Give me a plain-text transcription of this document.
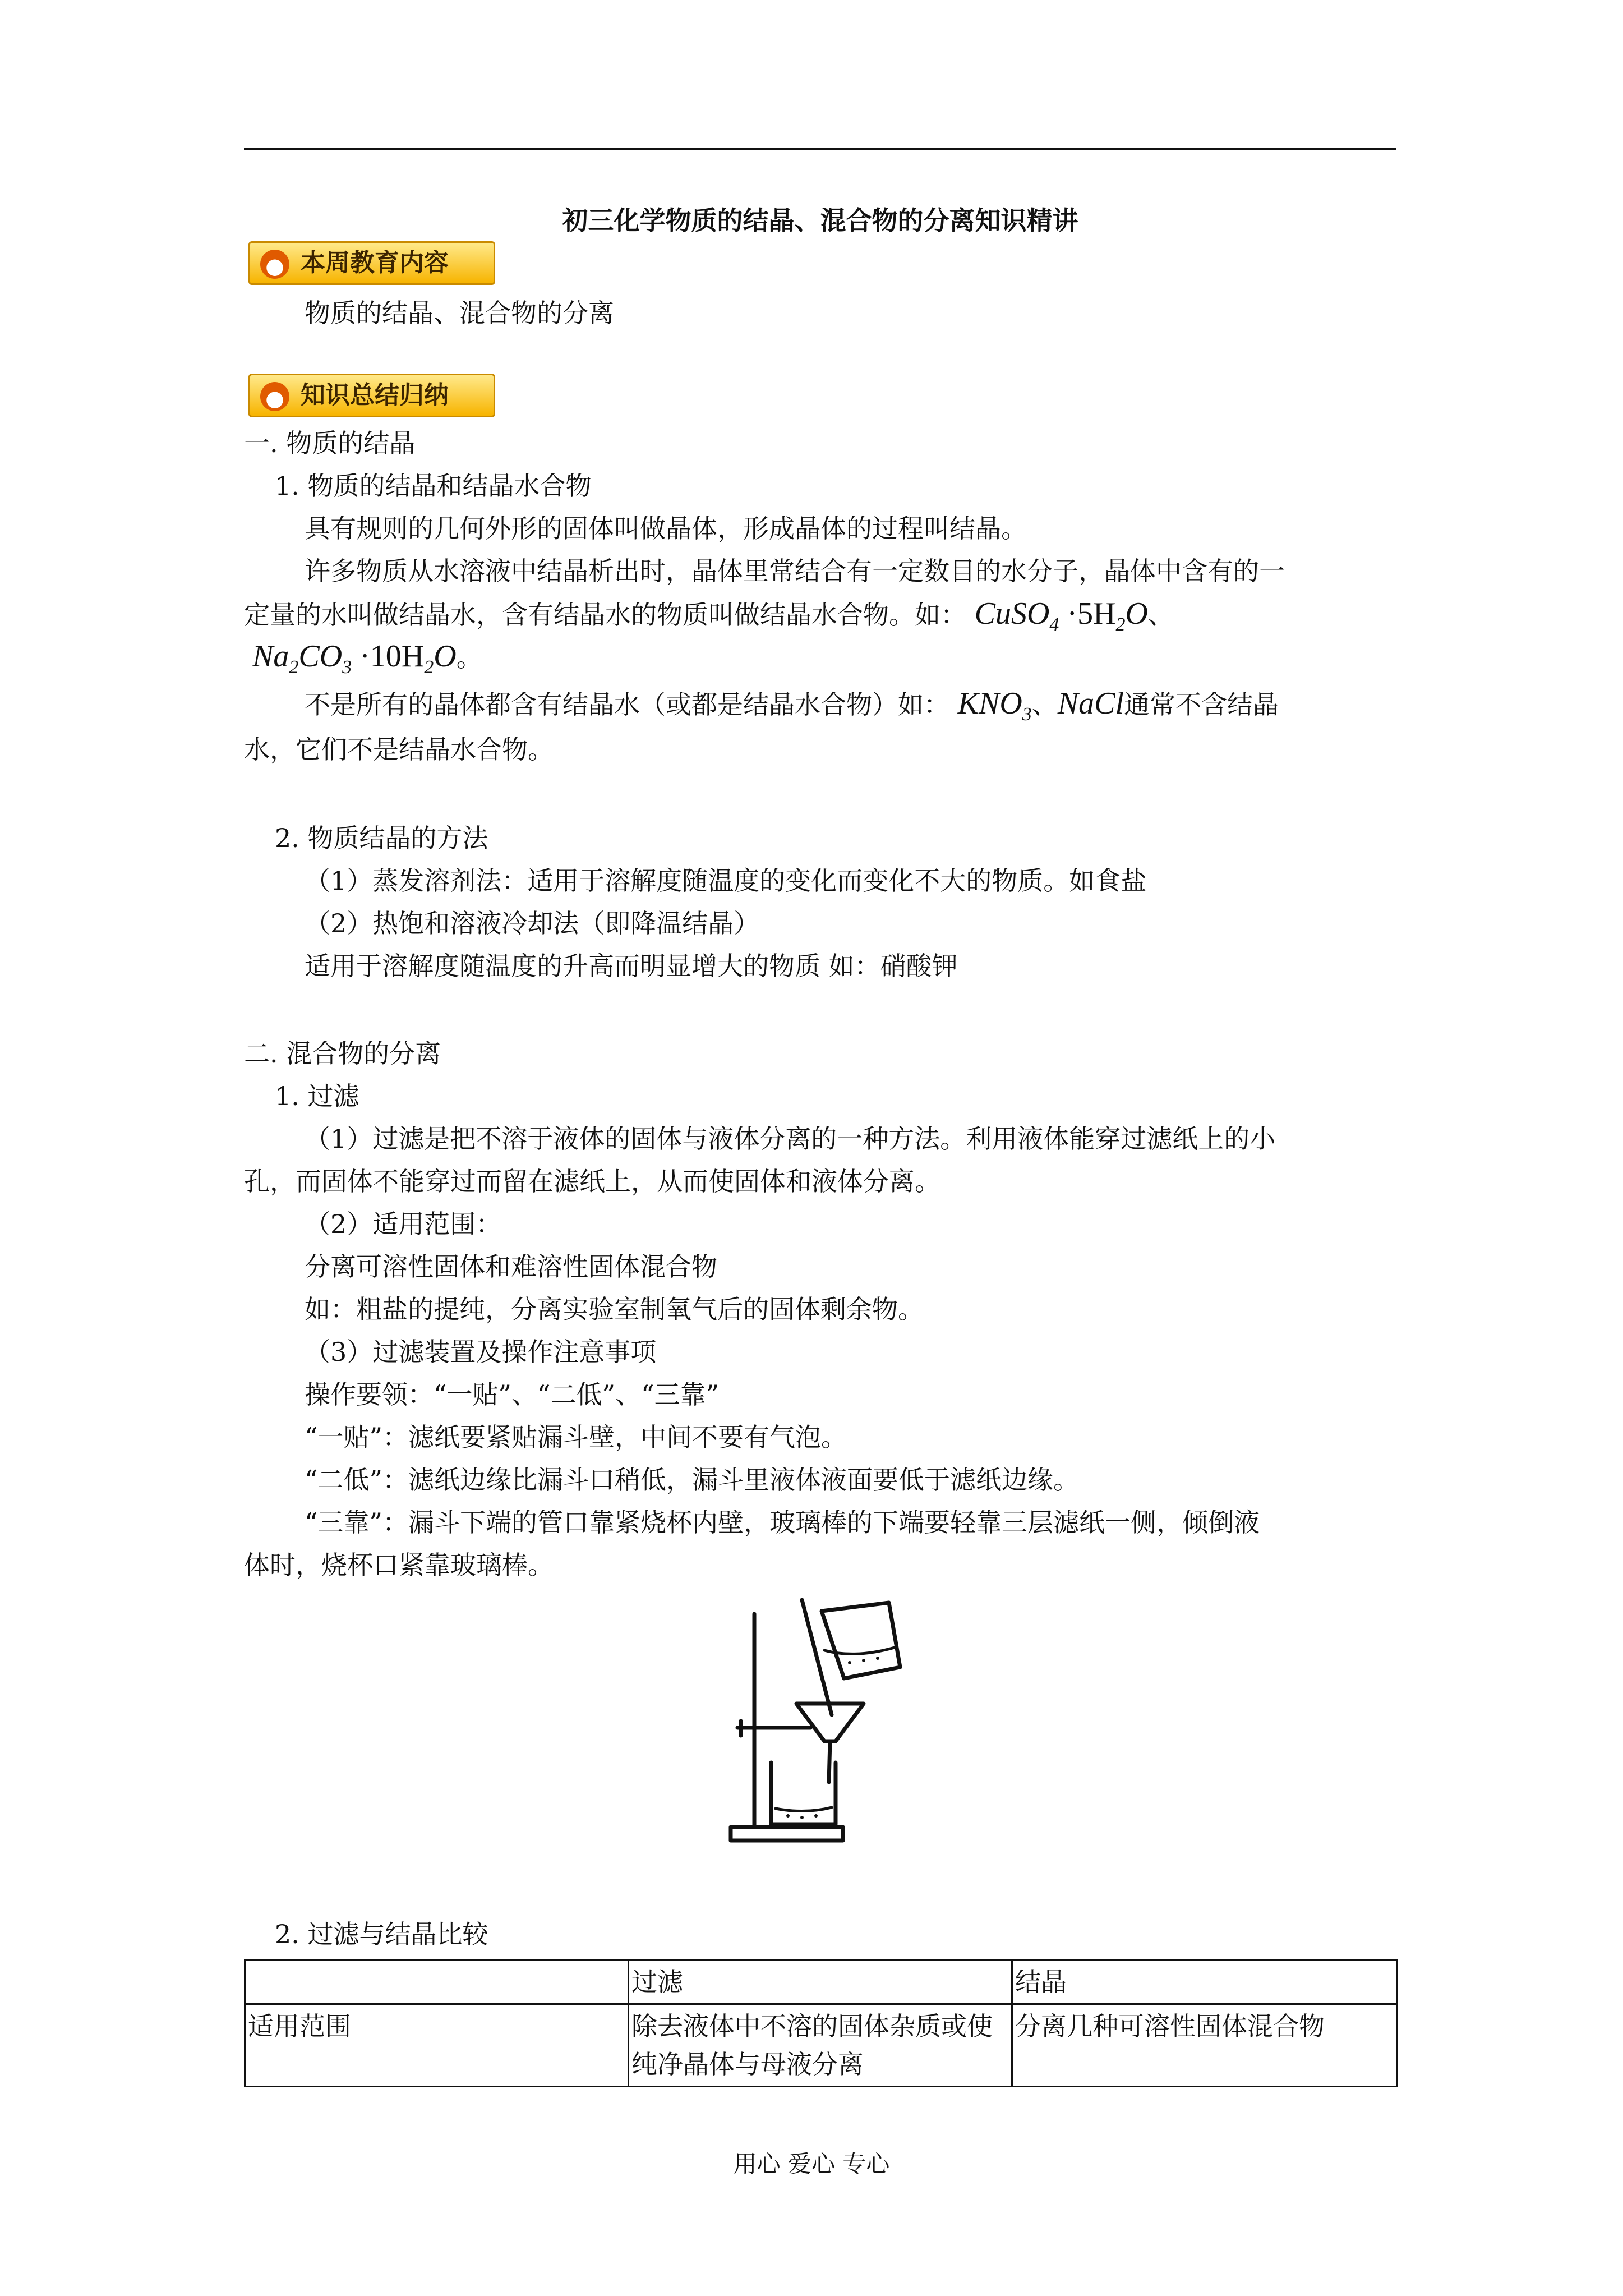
初三化学物质的结晶、混合物的分离知识精讲
本周教育内容
物质的结晶、混合物的分离
知识总结归纳
一. 物质的结晶
1. 物质的结晶和结晶水合物
具有规则的几何外形的固体叫做晶体，形成晶体的过程叫结晶。
许多物质从水溶液中结晶析出时，晶体里常结合有一定数目的水分子，晶体中含有的一
定量的水叫做结晶水，含有结晶水的物质叫做结晶水合物。如： CuSO$_4$ $\cdot 5H_2O$、
$Na_2CO_3 \cdot 10H_2O$。
不是所有的晶体都含有结晶水（或都是结晶水合物）如： $KNO_3$、NaCl通常不含结晶
水，它们不是结晶水合物。
2. 物质结晶的方法
（1）蒸发溶剂法：适用于溶解度随温度的变化而变化不大的物质。如食盐
（2）热饱和溶液冷却法（即降温结晶）
适用于溶解度随温度的升高而明显增大的物质 如：硝酸钾
二. 混合物的分离
1. 过滤
（1）过滤是把不溶于液体的固体与液体分离的一种方法。利用液体能穿过滤纸上的小
孔，而固体不能穿过而留在滤纸上，从而使固体和液体分离。
（2）适用范围：
分离可溶性固体和难溶性固体混合物
如：粗盐的提纯，分离实验室制氧气后的固体剩余物。
（3）过滤装置及操作注意事项
操作要领：“一贴”、“二低”、“三靠”
“一贴”：滤纸要紧贴漏斗壁，中间不要有气泡。
“二低”：滤纸边缘比漏斗口稍低，漏斗里液体液面要低于滤纸边缘。
“三靠”：漏斗下端的管口靠紧烧杯内壁，玻璃棒的下端要轻靠三层滤纸一侧，倾倒液
体时，烧杯口紧靠玻璃棒。
2. 过滤与结晶比较
	过滤	结晶
适用范围	除去液体中不溶的固体杂质或使纯净晶体与母液分离	分离几种可溶性固体混合物
用心 爱心 专心
